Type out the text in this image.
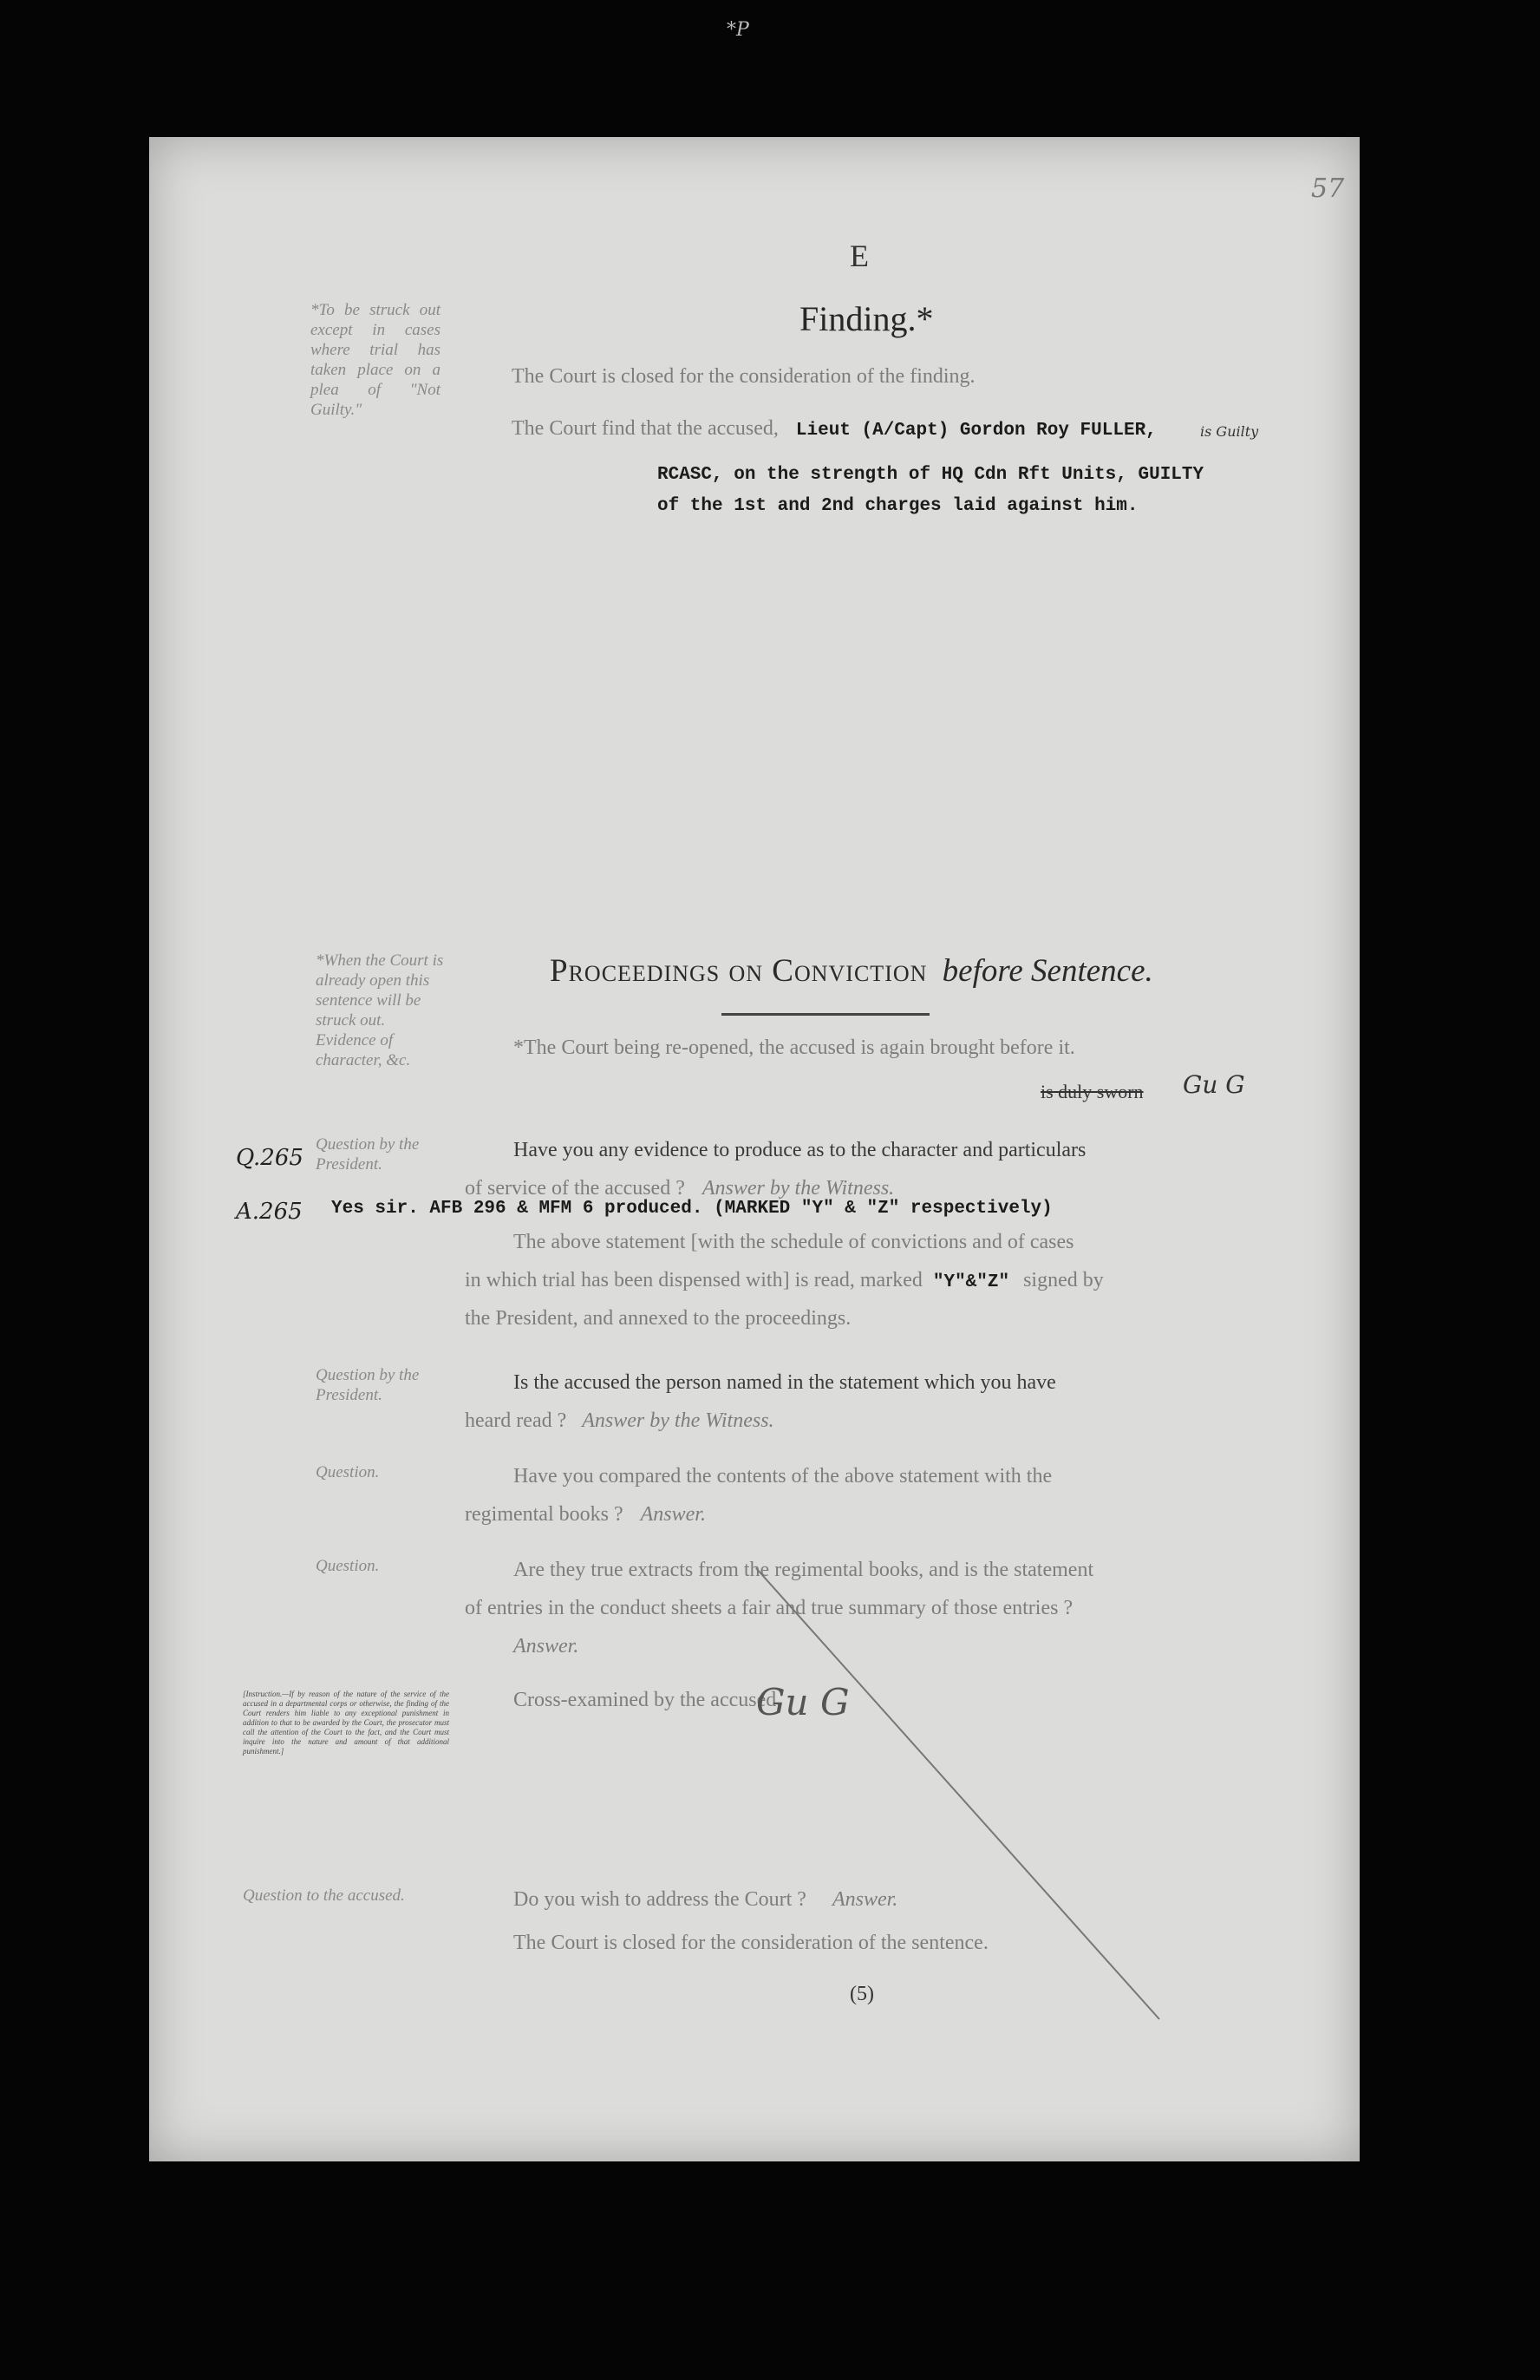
*P
57
E
Finding.*
*To be struck out except in cases where trial has taken place on a plea of "Not Guilty."
The Court is closed for the consideration of the finding.
The Court find that the accused, Lieut (A/Capt) Gordon Roy FULLER,	is Guilty
RCASC, on the strength of HQ Cdn Rft Units, GUILTY
of the 1st and 2nd charges laid against him.
*When the Court is already open this sentence will be struck out. Evidence of character, &c.
Proceedings on Conviction before Sentence.
*The Court being re-opened, the accused is again brought before it.
is duly sworn Gu G
Q.265
Question by the President.
Have you any evidence to produce as to the character and particulars
of service of the accused ? Answer by the Witness.
A.265 Yes sir. AFB 296 & MFM 6 produced. (MARKED "Y" & "Z" respectively)
The above statement [with the schedule of convictions and of cases
in which trial has been dispensed with] is read, marked "Y"&"Z" signed by
the President, and annexed to the proceedings.
Question by the President.
Is the accused the person named in the statement which you have
heard read ? Answer by the Witness.
Question.	Have you compared the contents of the above statement with the
regimental books ? Answer.
Question.	Are they true extracts from the regimental books, and is the statement
of entries in the conduct sheets a fair and true summary of those entries ?
Answer.
[Instruction.—If by reason of the nature of the service of the accused in a departmental corps or otherwise, the finding of the Court renders him liable to any exceptional punishment in addition to that to be awarded by the Court, the prosecutor must call the attention of the Court to the fact, and the Court must inquire into the nature and amount of that additional punishment.]
Cross-examined by the accused.
Gu G
Question to the accused.	Do you wish to address the Court ? Answer.
The Court is closed for the consideration of the sentence.
(5)
